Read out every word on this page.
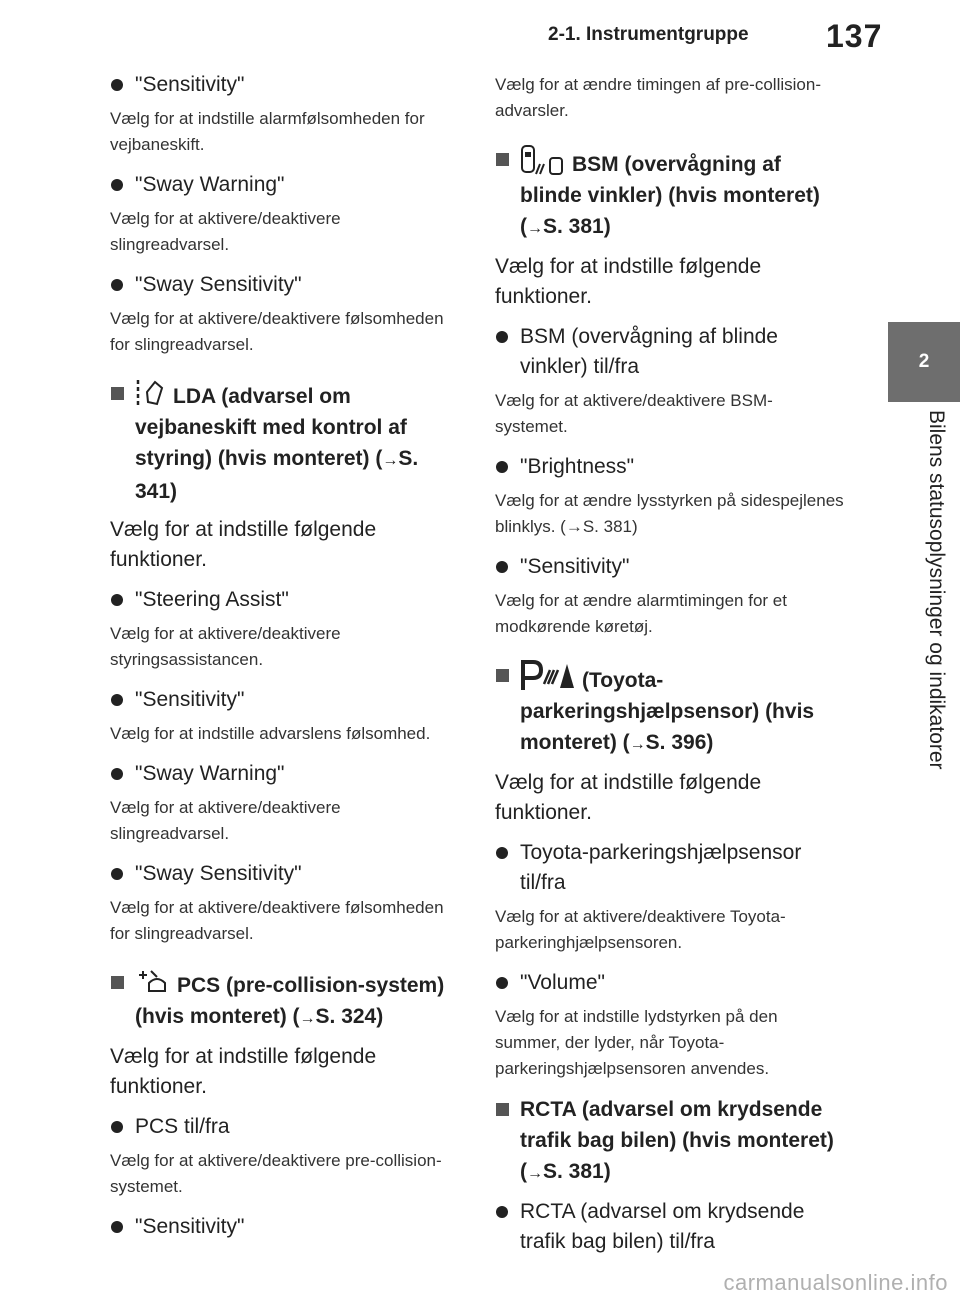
2-1. Instrumentgruppe 137
2
Bilens statusoplysninger og indikatorer
"Sensitivity"
Vælg for at indstille alarmfølsomheden for vejbaneskift.
"Sway Warning"
Vælg for at aktivere/deaktivere slingreadvarsel.
"Sway Sensitivity"
Vælg for at aktivere/deaktivere følsomheden for slingreadvarsel.
LDA (advarsel om vejbaneskift med kontrol af styring) (hvis monteret) (→S. 341)
Vælg for at indstille følgende funktioner.
"Steering Assist"
Vælg for at aktivere/deaktivere styringsassistancen.
"Sensitivity"
Vælg for at indstille advarslens følsomhed.
"Sway Warning"
Vælg for at aktivere/deaktivere slingreadvarsel.
"Sway Sensitivity"
Vælg for at aktivere/deaktivere følsomheden for slingreadvarsel.
PCS (pre-collision-system) (hvis monteret) (→S. 324)
Vælg for at indstille følgende funktioner.
PCS til/fra
Vælg for at aktivere/deaktivere pre-collision-systemet.
"Sensitivity"
Vælg for at ændre timingen af pre-collision-advarsler.
BSM (overvågning af blinde vinkler) (hvis monteret) (→S. 381)
Vælg for at indstille følgende funktioner.
BSM (overvågning af blinde vinkler) til/fra
Vælg for at aktivere/deaktivere BSM-systemet.
"Brightness"
Vælg for at ændre lysstyrken på sidespejlenes blinklys. (→S. 381)
"Sensitivity"
Vælg for at ændre alarmtimingen for et modkørende køretøj.
(Toyota-parkeringshjælpsensor) (hvis monteret) (→S. 396)
Vælg for at indstille følgende funktioner.
Toyota-parkeringshjælpsensor til/fra
Vælg for at aktivere/deaktivere Toyota-parkeringhjælpsensoren.
"Volume"
Vælg for at indstille lydstyrken på den summer, der lyder, når Toyota-parkeringshjælpsensoren anvendes.
RCTA (advarsel om krydsende trafik bag bilen) (hvis monteret) (→S. 381)
RCTA (advarsel om krydsende trafik bag bilen) til/fra
carmanualsonline.info
